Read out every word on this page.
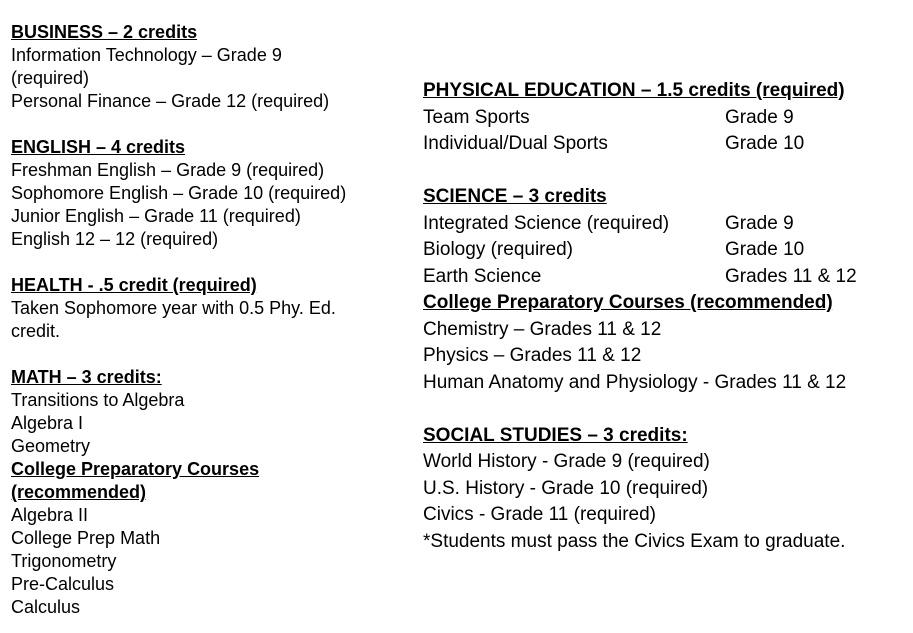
BUSINESS – 2 credits
Information Technology – Grade 9 (required)
Personal Finance – Grade 12 (required)
ENGLISH – 4 credits
Freshman English – Grade 9 (required)
Sophomore English – Grade 10 (required)
Junior English – Grade 11 (required)
English 12 – 12 (required)
HEALTH - .5 credit (required)
Taken Sophomore year with 0.5 Phy. Ed. credit.
MATH – 3 credits:
Transitions to Algebra
Algebra I
Geometry
College Preparatory Courses (recommended)
Algebra II
College Prep Math
Trigonometry
Pre-Calculus
Calculus
PHYSICAL EDUCATION – 1.5 credits (required)
Team Sports	Grade 9
Individual/Dual Sports	Grade 10
SCIENCE – 3 credits
Integrated Science (required)	Grade 9
Biology (required)	Grade 10
Earth Science	Grades 11 & 12
College Preparatory Courses (recommended)
Chemistry – Grades 11 & 12
Physics – Grades 11 & 12
Human Anatomy and Physiology - Grades 11 & 12
SOCIAL STUDIES – 3 credits:
World History - Grade 9 (required)
U.S. History - Grade 10 (required)
Civics - Grade 11 (required)
*Students must pass the Civics Exam to graduate.
